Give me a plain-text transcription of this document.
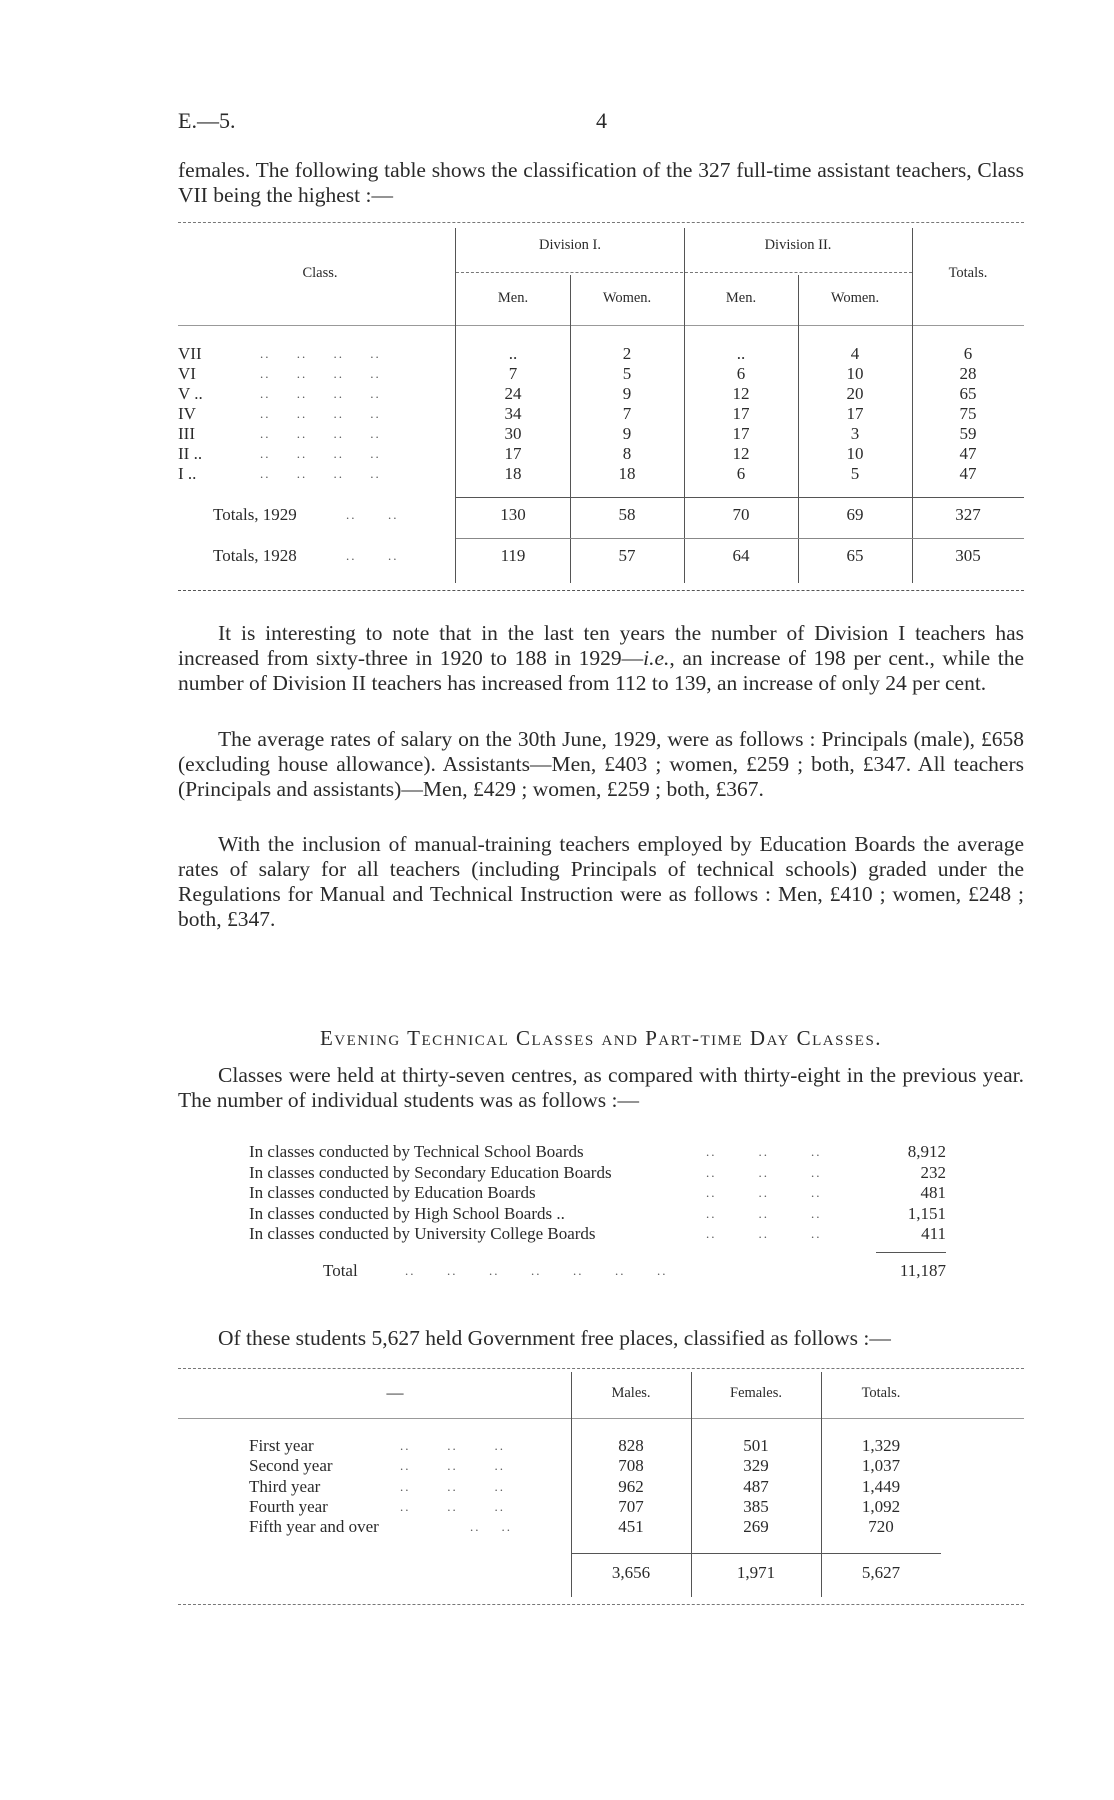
E.—5.	4
females. The following table shows the classification of the 327 full-time assistant teachers, Class VII being the highest :—
Class.
Division I.	Division II.
Totals.
Men.	Women.	Men.	Women.
VII	..     ..     ..     ..	..	2	..	4	6
VI	..     ..     ..     ..	7	5	6	10	28
V ..	..     ..     ..     ..	24	9	12	20	65
IV	..     ..     ..     ..	34	7	17	17	75
III	..     ..     ..     ..	30	9	17	3	59
II ..	..     ..     ..     ..	17	8	12	10	47
I ..	..     ..     ..     ..	18	18	6	5	47
Totals, 1929	..      ..	130	58	70	69	327
Totals, 1928	..      ..	119	57	64	65	305
It is interesting to note that in the last ten years the number of Division I teachers has increased from sixty-three in 1920 to 188 in 1929—i.e., an increase of 198 per cent., while the number of Division II teachers has increased from 112 to 139, an increase of only 24 per cent.
The average rates of salary on the 30th June, 1929, were as follows : Principals (male), £658 (excluding house allowance). Assistants—Men, £403 ; women, £259 ; both, £347. All teachers (Principals and assistants)—Men, £429 ; women, £259 ; both, £367.
With the inclusion of manual-training teachers employed by Education Boards the average rates of salary for all teachers (including Principals of technical schools) graded under the Regulations for Manual and Technical Instruction were as follows : Men, £410 ; women, £248 ; both, £347.
Evening Technical Classes and Part-time Day Classes.
Classes were held at thirty-seven centres, as compared with thirty-eight in the previous year. The number of individual students was as follows :—
In classes conducted by Technical School Boards	..        ..        ..	8,912
In classes conducted by Secondary Education Boards	..        ..        ..	232
In classes conducted by Education Boards	..        ..        ..	481
In classes conducted by High School Boards ..	..        ..        ..	1,151
In classes conducted by University College Boards	..        ..        ..	411
Total	..      ..      ..      ..      ..      ..      ..	11,187
Of these students 5,627 held Government free places, classified as follows :—
—	Males.	Females.	Totals.
First year	..       ..       ..	828	501	1,329
Second year	..       ..       ..	708	329	1,037
Third year	..       ..       ..	962	487	1,449
Fourth year	..       ..       ..	707	385	1,092
Fifth year and over	..    ..	451	269	720
3,656	1,971	5,627
